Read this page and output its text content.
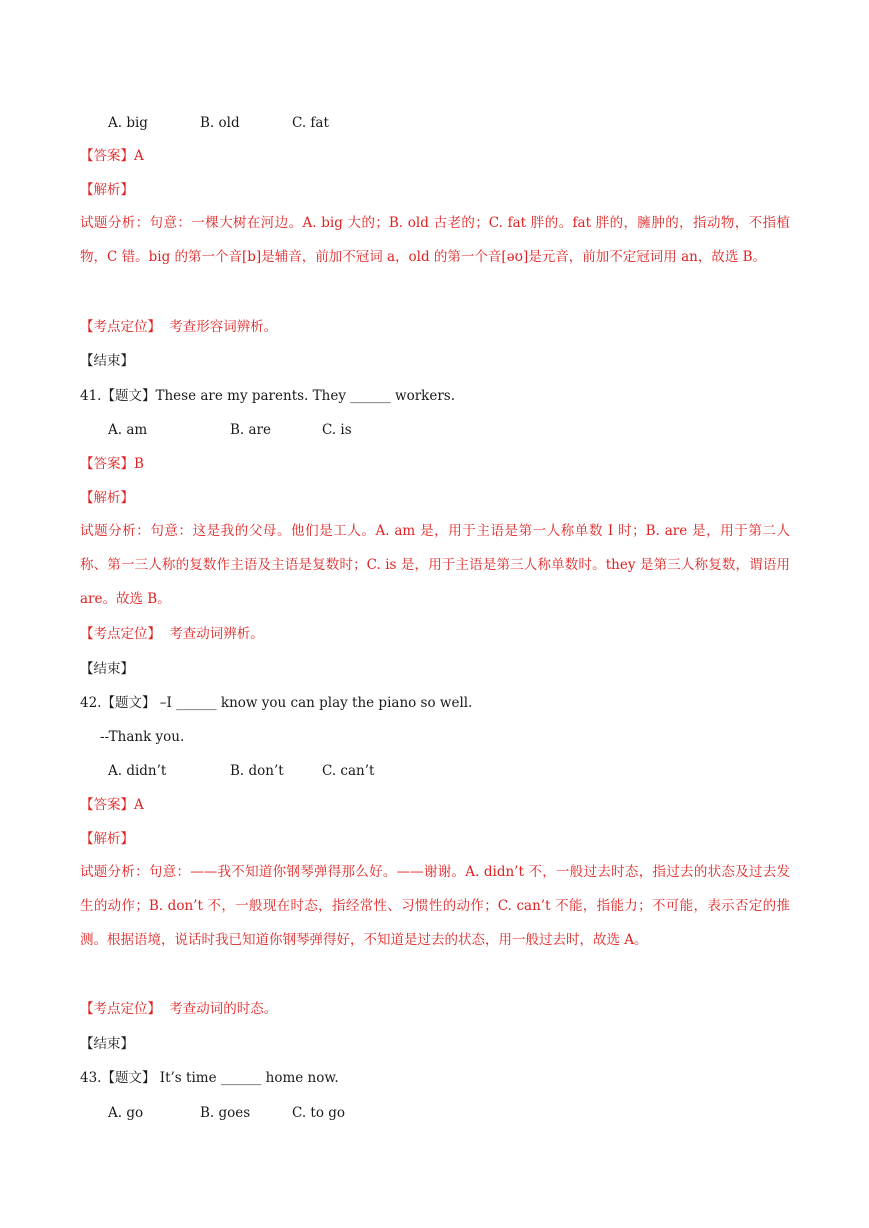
A. big	B. old	C. fat
【答案】A
【解析】
试题分析：句意：一棵大树在河边。A. big 大的；B. old 古老的；C. fat 胖的。fat 胖的，臃肿的，指动物，不指植物，C 错。big 的第一个音[b]是辅音，前加不冠词 a，old 的第一个音[əʊ]是元音，前加不定冠词用 an，故选 B。
【考点定位】 考查形容词辨析。
【结束】
41.【题文】These are my parents. They ______ workers.
A. am	B. are	C. is
【答案】B
【解析】
试题分析：句意：这是我的父母。他们是工人。A. am 是，用于主语是第一人称单数 I 时；B. are 是，用于第二人称、第一三人称的复数作主语及主语是复数时；C. is 是，用于主语是第三人称单数时。they 是第三人称复数，谓语用 are。故选 B。
【考点定位】 考查动词辨析。
【结束】
42.【题文】 –I ______ know you can play the piano so well.
--Thank you.
A. didn’t	B. don’t	C. can’t
【答案】A
【解析】
试题分析：句意：——我不知道你钢琴弹得那么好。——谢谢。A. didn’t 不，一般过去时态，指过去的状态及过去发生的动作；B. don’t 不，一般现在时态，指经常性、习惯性的动作；C. can’t 不能，指能力；不可能，表示否定的推测。根据语境，说话时我已知道你钢琴弹得好，不知道是过去的状态，用一般过去时，故选 A。
【考点定位】 考查动词的时态。
【结束】
43.【题文】 It’s time ______ home now.
A. go	B. goes	C. to go
